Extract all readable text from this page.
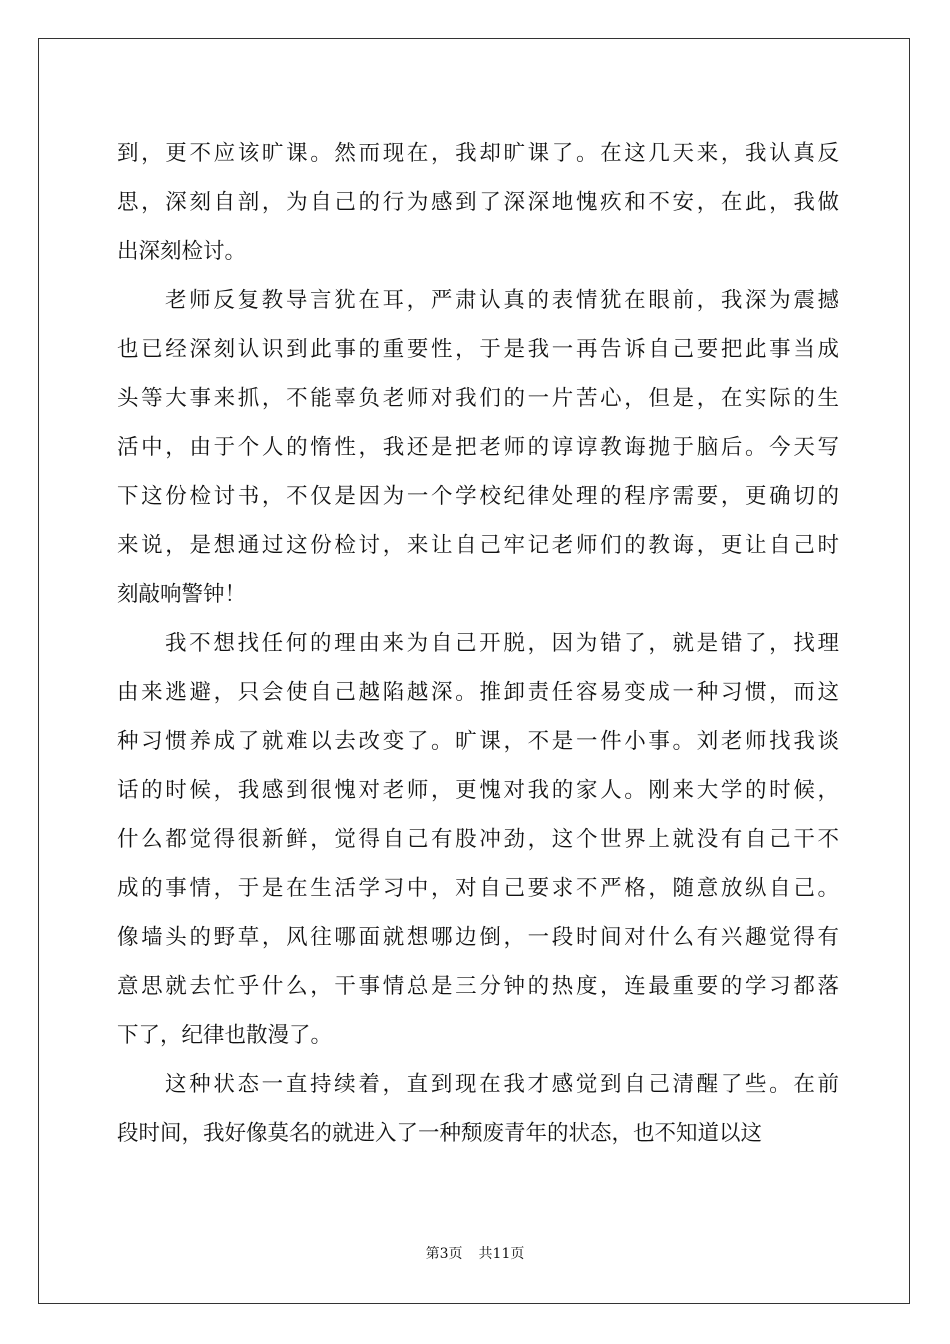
到，更不应该旷课。然而现在，我却旷课了。在这几天来，我认真反
思，深刻自剖，为自己的行为感到了深深地愧疚和不安，在此，我做
出深刻检讨。
老师反复教导言犹在耳，严肃认真的表情犹在眼前，我深为震撼
也已经深刻认识到此事的重要性，于是我一再告诉自己要把此事当成
头等大事来抓，不能辜负老师对我们的一片苦心，但是，在实际的生
活中，由于个人的惰性，我还是把老师的谆谆教诲抛于脑后。今天写
下这份检讨书，不仅是因为一个学校纪律处理的程序需要，更确切的
来说，是想通过这份检讨，来让自己牢记老师们的教诲，更让自己时
刻敲响警钟！
我不想找任何的理由来为自己开脱，因为错了，就是错了，找理
由来逃避，只会使自己越陷越深。推卸责任容易变成一种习惯，而这
种习惯养成了就难以去改变了。旷课，不是一件小事。刘老师找我谈
话的时候，我感到很愧对老师，更愧对我的家人。刚来大学的时候，
什么都觉得很新鲜，觉得自己有股冲劲，这个世界上就没有自己干不
成的事情，于是在生活学习中，对自己要求不严格，随意放纵自己。
像墙头的野草，风往哪面就想哪边倒，一段时间对什么有兴趣觉得有
意思就去忙乎什么，干事情总是三分钟的热度，连最重要的学习都落
下了，纪律也散漫了。
这种状态一直持续着，直到现在我才感觉到自己清醒了些。在前
段时间，我好像莫名的就进入了一种颓废青年的状态，也不知道以这
第3页 共11页
